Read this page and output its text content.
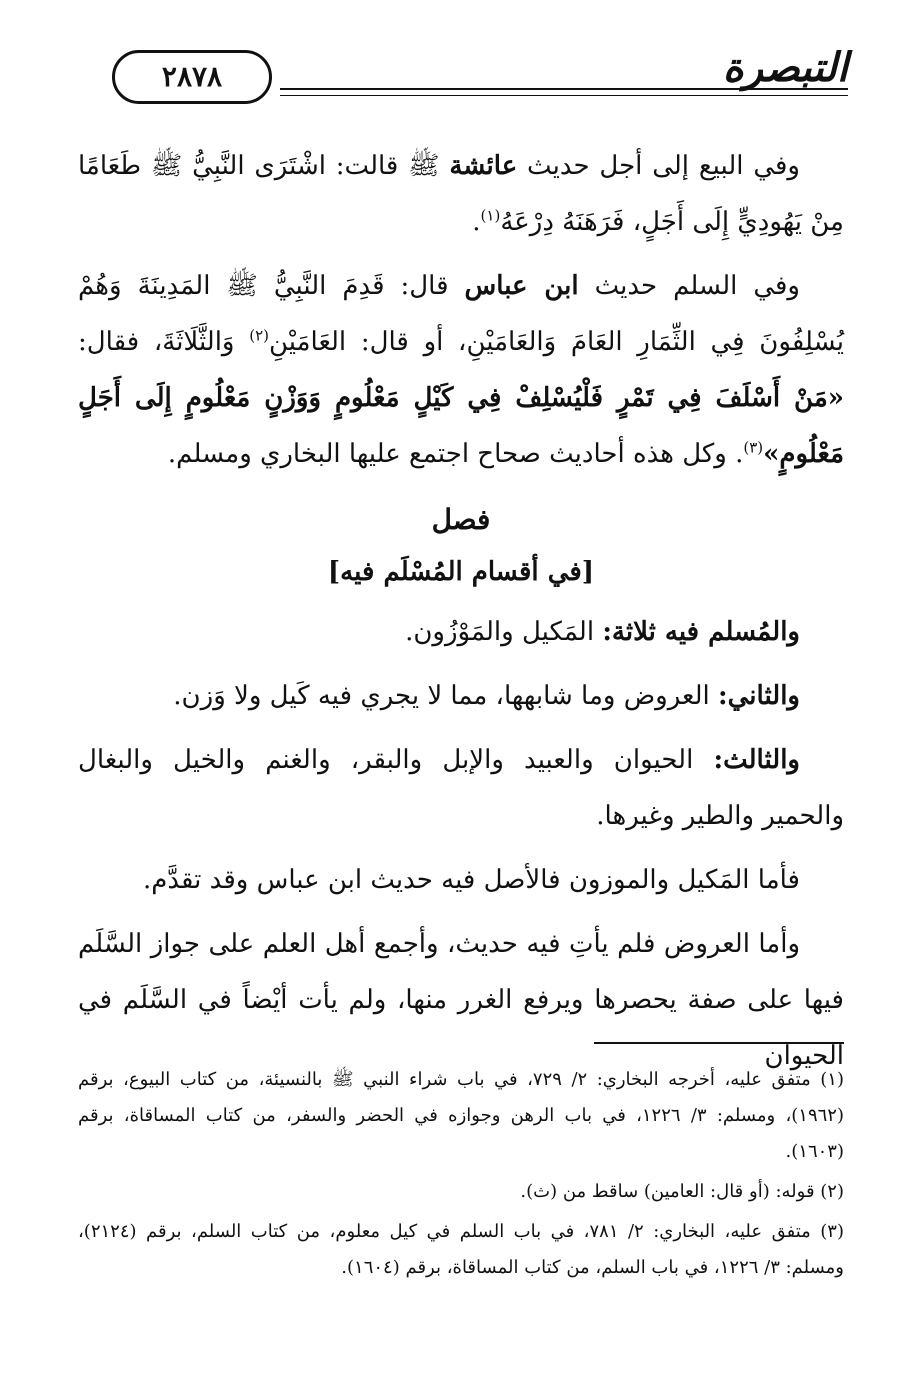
التبصرة
٢٨٧٨

وفي البيع إلى أجل حديث عائشة ﷺ قالت: اشْتَرَى النَّبِيُّ ﷺ طَعَامًا مِنْ يَهُودِيٍّ إِلَى أَجَلٍ، فَرَهَنَهُ دِرْعَهُ$^{(١)}$.

وفي السلم حديث ابن عباس قال: قَدِمَ النَّبِيُّ ﷺ المَدِينَةَ وَهُمْ يُسْلِفُونَ فِي الثِّمَارِ العَامَ وَالعَامَيْنِ، أو قال: العَامَيْنِ$^{(٢)}$ وَالثَّلَاثَةَ، فقال: «مَنْ أَسْلَفَ فِي تَمْرٍ فَلْيُسْلِفْ فِي كَيْلٍ مَعْلُومٍ وَوَزْنٍ مَعْلُومٍ إِلَى أَجَلٍ مَعْلُومٍ»$^{(٣)}$. وكل هذه أحاديث صحاح اجتمع عليها البخاري ومسلم.

فصل
[في أقسام المُسْلَم فيه]

والمُسلم فيه ثلاثة: المَكيل والمَوْزُون.

والثاني: العروض وما شابهها، مما لا يجري فيه كَيل ولا وَزن.

والثالث: الحيوان والعبيد والإبل والبقر، والغنم والخيل والبغال والحمير والطير وغيرها.

فأما المَكيل والموزون فالأصل فيه حديث ابن عباس وقد تقدَّم.

وأما العروض فلم يأتِ فيه حديث، وأجمع أهل العلم على جواز السَّلَم فيها على صفة يحصرها ويرفع الغرر منها، ولم يأت أيْضاً في السَّلَم في الحيوان

(١) متفق عليه، أخرجه البخاري: ٢/ ٧٢٩، في باب شراء النبي ﷺ بالنسيئة، من كتاب البيوع، برقم (١٩٦٢)، ومسلم: ٣/ ١٢٢٦، في باب الرهن وجوازه في الحضر والسفر، من كتاب المساقاة، برقم (١٦٠٣).

(٢) قوله: (أو قال: العامين) ساقط من (ث).

(٣) متفق عليه، البخاري: ٢/ ٧٨١، في باب السلم في كيل معلوم، من كتاب السلم، برقم (٢١٢٤)، ومسلم: ٣/ ١٢٢٦، في باب السلم، من كتاب المساقاة، برقم (١٦٠٤).
